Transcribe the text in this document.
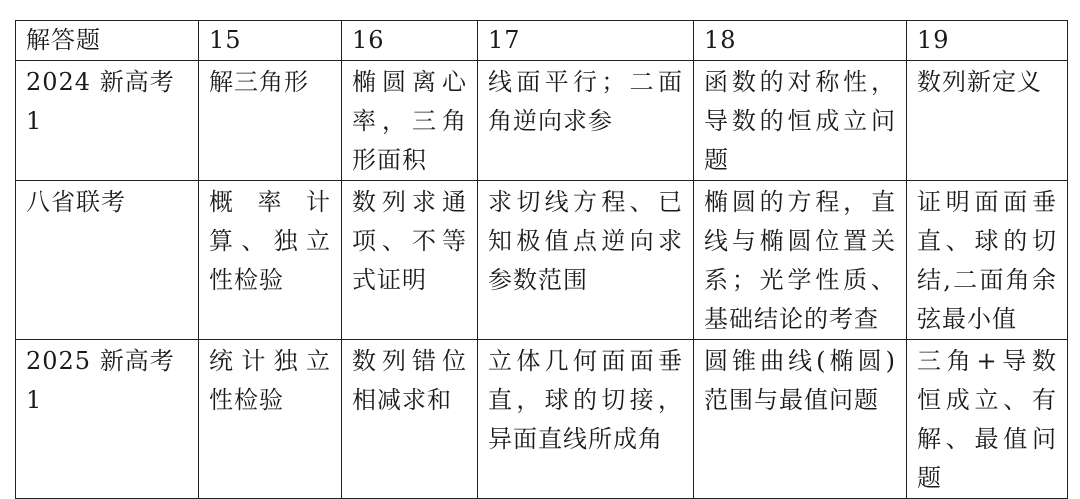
解答题	15	16	17	18	19

2024 新高考 1	解三角形	椭圆离心率，三角形面积	线面平行；二面角逆向求参	函数的对称性，导数的恒成立问题	数列新定义

八省联考	概率计算、独立性检验	数列求通项、不等式证明	求切线方程、已知极值点逆向求参数范围	椭圆的方程，直线与椭圆位置关系；光学性质、基础结论的考查	证明面面垂直、球的切结,二面角余弦最小值

2025 新高考 1	统计独立性检验	数列错位相减求和	立体几何面面垂直，球的切接，异面直线所成角	圆锥曲线(椭圆)范围与最值问题	三角+导数恒成立、有解、最值问题
